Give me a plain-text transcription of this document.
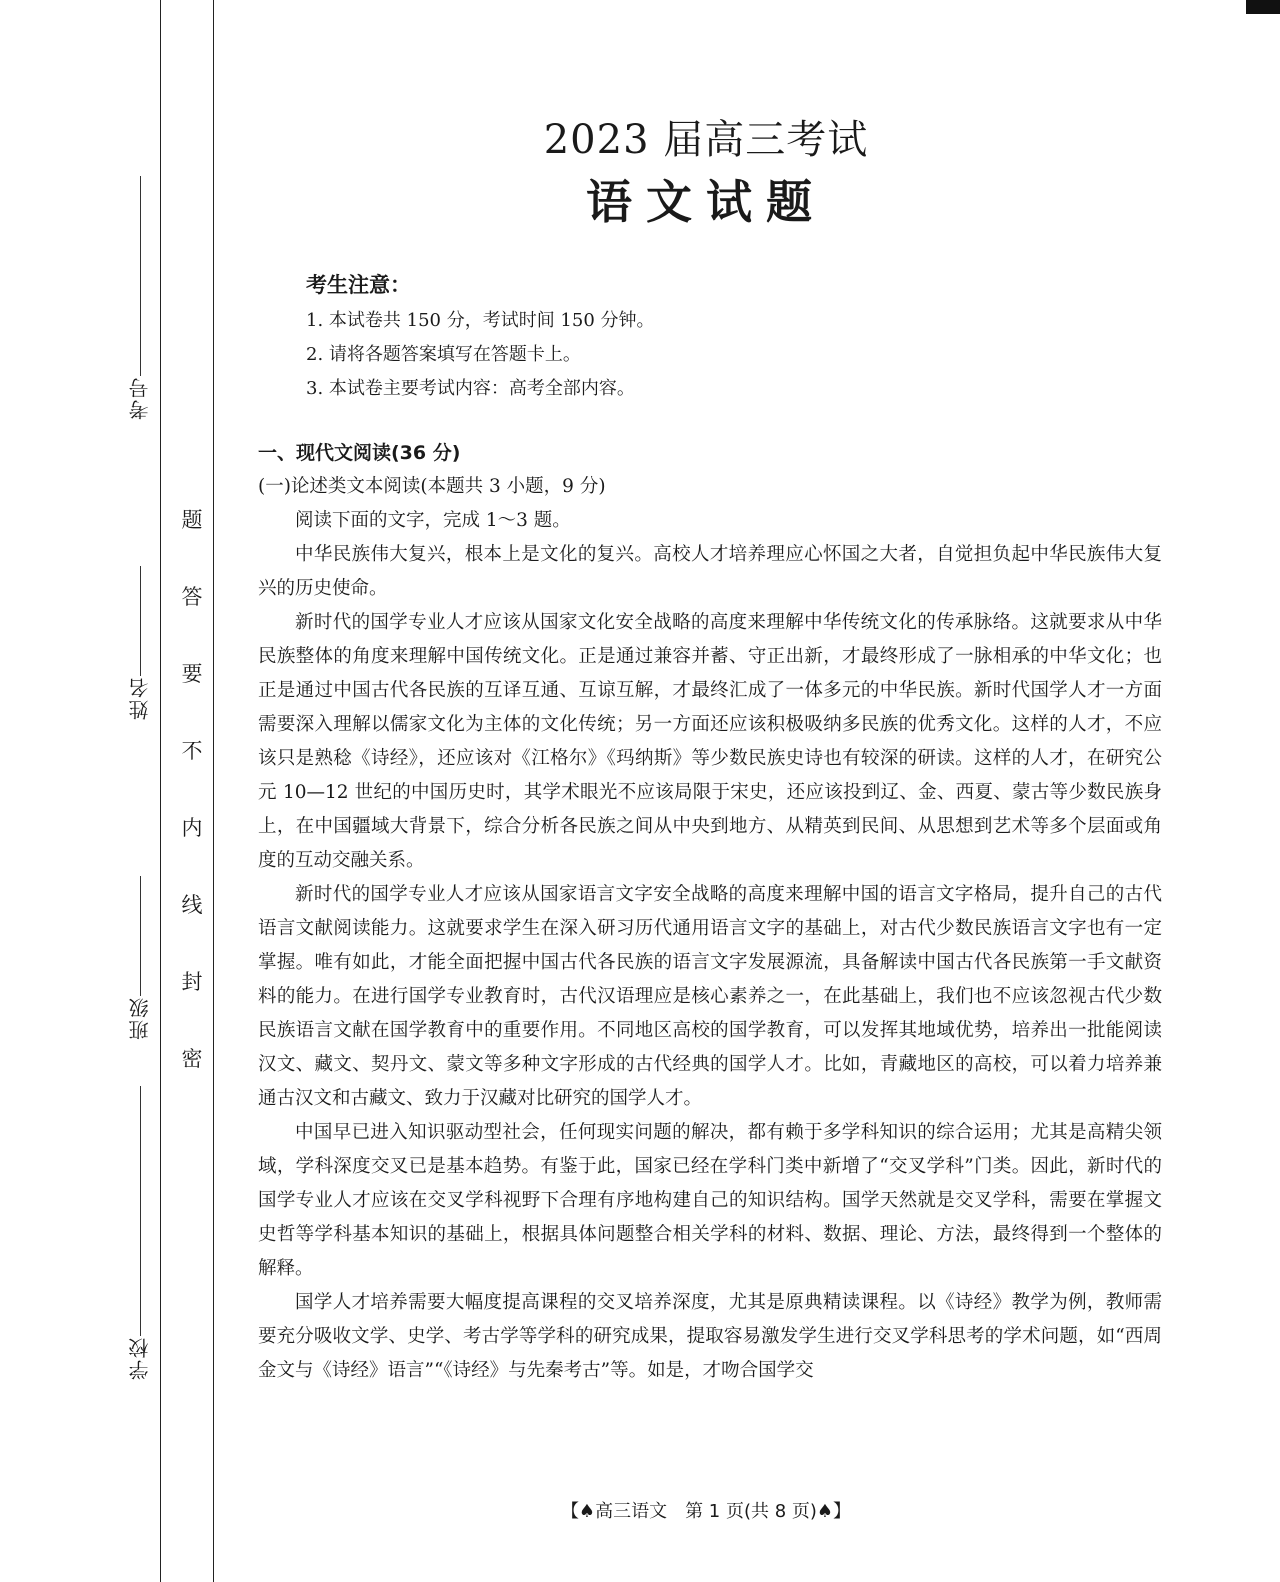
考号
姓名
班级
学校
题
答
要
不
内
线
封
密
2023 届高三考试
语文试题
考生注意：
1. 本试卷共 150 分，考试时间 150 分钟。
2. 请将各题答案填写在答题卡上。
3. 本试卷主要考试内容：高考全部内容。
一、现代文阅读(36 分)
(一)论述类文本阅读(本题共 3 小题，9 分)

阅读下面的文字，完成 1～3 题。

中华民族伟大复兴，根本上是文化的复兴。高校人才培养理应心怀国之大者，自觉担负起中华民族伟大复兴的历史使命。

新时代的国学专业人才应该从国家文化安全战略的高度来理解中华传统文化的传承脉络。这就要求从中华民族整体的角度来理解中国传统文化。正是通过兼容并蓄、守正出新，才最终形成了一脉相承的中华文化；也正是通过中国古代各民族的互译互通、互谅互解，才最终汇成了一体多元的中华民族。新时代国学人才一方面需要深入理解以儒家文化为主体的文化传统；另一方面还应该积极吸纳多民族的优秀文化。这样的人才，不应该只是熟稔《诗经》，还应该对《江格尔》《玛纳斯》等少数民族史诗也有较深的研读。这样的人才，在研究公元 10—12 世纪的中国历史时，其学术眼光不应该局限于宋史，还应该投到辽、金、西夏、蒙古等少数民族身上，在中国疆域大背景下，综合分析各民族之间从中央到地方、从精英到民间、从思想到艺术等多个层面或角度的互动交融关系。

新时代的国学专业人才应该从国家语言文字安全战略的高度来理解中国的语言文字格局，提升自己的古代语言文献阅读能力。这就要求学生在深入研习历代通用语言文字的基础上，对古代少数民族语言文字也有一定掌握。唯有如此，才能全面把握中国古代各民族的语言文字发展源流，具备解读中国古代各民族第一手文献资料的能力。在进行国学专业教育时，古代汉语理应是核心素养之一，在此基础上，我们也不应该忽视古代少数民族语言文献在国学教育中的重要作用。不同地区高校的国学教育，可以发挥其地域优势，培养出一批能阅读汉文、藏文、契丹文、蒙文等多种文字形成的古代经典的国学人才。比如，青藏地区的高校，可以着力培养兼通古汉文和古藏文、致力于汉藏对比研究的国学人才。

中国早已进入知识驱动型社会，任何现实问题的解决，都有赖于多学科知识的综合运用；尤其是高精尖领域，学科深度交叉已是基本趋势。有鉴于此，国家已经在学科门类中新增了“交叉学科”门类。因此，新时代的国学专业人才应该在交叉学科视野下合理有序地构建自己的知识结构。国学天然就是交叉学科，需要在掌握文史哲等学科基本知识的基础上，根据具体问题整合相关学科的材料、数据、理论、方法，最终得到一个整体的解释。

国学人才培养需要大幅度提高课程的交叉培养深度，尤其是原典精读课程。以《诗经》教学为例，教师需要充分吸收文学、史学、考古学等学科的研究成果，提取容易激发学生进行交叉学科思考的学术问题，如“西周金文与《诗经》语言”“《诗经》与先秦考古”等。如是，才吻合国学交

【♠高三语文　第 1 页(共 8 页)♠】
